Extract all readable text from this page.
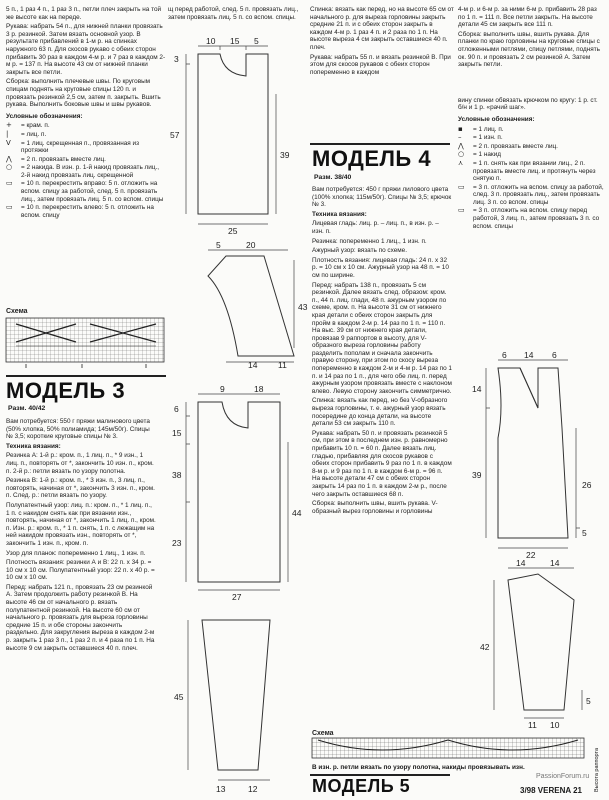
5 п., 1 раз 4 п., 1 раз 3 п., петли плеч закрыть на той же высоте как на переде.

Рукава: набрать 54 п., для нижней планки провязать 3 р. резинкой. Затем вязать основной узор. В результате прибавлений в 1-м р. на спинках наружного 63 п. Для скосов рукаво с обеих сторон прибавить 30 раз в каждом 4-м р. и 7 раз в каждом 2-м р. = 137 п. На высоте 43 см от нижней планки закрыть все петли.

Сборка: выполнить плечевые швы. По круговым спицам поднять на круговые спицы 120 п. и провязать резинкой 2,5 см, затем п. закрыть. Вшить рукава. Выполнить боковые швы и швы рукавов.

Условные обозначения:

+	= крам. п.
|	= лиц. п.
V	= 1 лиц. скрещенная п., провязанная из протяжки
⋀	= 2 п. провязать вместе лиц.
○	= 2 накида. В изн. р. 1-й накид провязать лиц., 2-й накид провязать лиц. скрещенной
▭	= 10 п. перекрестить вправо: 5 п. отложить на вспом. спицу за работой, след. 5 п. провязать лиц., затем провязать лиц. 5 п. со вспом. спицы
▭	= 10 п. перекрестить влево: 5 п. отложить на вспом. спицу
Схема
МОДЕЛЬ 3
Разм. 40/42

Вам потребуется: 550 г пряжи малинового цвета (50% хлопка, 50% полиамида; 145м/50г). Спицы № 3,5; короткие круговые спицы № 3.

Техника вязания:

Резинка А: 1-й р.: кром. п., 1 лиц. п., * 9 изн., 1 лиц. п., повторять от *, закончить 10 изн. п., кром. п. 2-й р.: петли вязать по узору полотна.

Резинка В: 1-й р.: кром. п., * 3 изн. п., 3 лиц. п., повторять, начиная от *, закончить 3 изн. п., кром. п. След. р.: петли вязать по узору.

Полупатентный узор: лиц. п.: кром. п., * 1 лиц. п., 1 п. с накидом снять как при вязании изн., повторять, начиная от *, закончить 1 лиц. п., кром. п. Изн. р.: кром. п., * 1 п. снять, 1 п. с лежащим на ней накидом провязать изн., повторять от *, закончить 1 изн. п., кром. п.

Узор для планок: попеременно 1 лиц., 1 изн. п.

Плотность вязания: резинки А и В: 22 п. х 34 р. = 10 см х 10 см. Полупатентный узор: 22 п. х 40 р. = 10 см х 10 см.

Перед: набрать 121 п., провязать 23 см резинкой А. Затем продолжить работу резинкой В. На высоте 46 см от начального р. вязать полупатентной резинкой. На высоте 60 см от начального р. провязать для выреза горловины средние 15 п. и обе стороны закончить раздельно. Для закругления выреза в каждом 2-м р. закрыть 1 раз 3 п., 1 раз 2 п. и 4 раза по 1 п. На высоте 9 см закрыть оставшиеся 40 п. плеч.

щ перед работой, след. 5 п. провязать лиц., затем провязать лиц. 5 п. со вспом. спицы.

10 15 5
3
57
39
25
5	20
43
14 11
9	18
6
15
38
23
44
27
45
13	12

Спинка: вязать как перед, но на высоте 65 см от начального р. для выреза горловины закрыть средние 21 п. и с обеих сторон закрыть в каждом 4-м р. 1 раз 4 п. и 2 раза по 1 п. На высоте выреза 4 см закрыть оставшиеся 40 п. плеч.

Рукава: набрать 55 п. и вязать резинкой В. При этом для скосов рукавов с обеих сторон попеременно в каждом

МОДЕЛЬ 4
Разм. 38/40

Вам потребуется: 450 г пряжи лилового цвета (100% хлопка; 115м/50г). Спицы № 3,5; крючок № 3.

Техника вязания:

Лицевая гладь: лиц. р. – лиц. п., в изн. р. – изн. п.

Резинка: попеременно 1 лиц., 1 изн. п.

Ажурный узор: вязать по схеме.

Плотность вязания: лицевая гладь: 24 п. х 32 р. = 10 см х 10 см. Ажурный узор на 48 п. = 10 см по ширине.

Перед: набрать 138 п., провязать 5 см резинкой. Далее вязать след. образом: кром. п., 44 п. лиц. глади, 48 п. ажурным узором по схеме, кром. п. На высоте 31 см от нижнего края детали с обеих сторон закрыть для пройм в каждом 2-м р. 14 раз по 1 п. = 110 п. На выс. 39 см от нижнего края детали, провязав 9 раппортов в высоту, для V-образного выреза горловины работу разделить пополам и сначала закончить правую сторону, при этом по скосу выреза попеременно в каждом 2-м и 4-м р. 14 раз по 1 п. и 14 раз по 1 п., для чего обе лиц. п. перед ажурным узором провязать вместе с наклоном влево. Левую сторону закончить симметрично.

Спинка: вязать как перед, но без V-образного выреза горловины, т. е. ажурный узор вязать посередине до конца детали, на высоте детали 53 см закрыть 110 п.

Рукава: набрать 50 п. и провязать резинкой 5 см, при этом в последнем изн. р. равномерно прибавить 10 п. = 60 п. Далее вязать лиц. гладью, прибавляя для скосов рукавов с обеих сторон прибавить 9 раз по 1 п. в каждом 8-м р. и 9 раз по 1 п. в каждом 6-м р. = 96 п. На высоте детали 47 см с обеих сторон закрыть 14 раз по 1 п. в каждом 2-м р., после чего закрыть оставшиеся 68 п.

Сборка: выполнить швы, вшить рукава. V-образный вырез горловины и горловины

4-м р. и 6-м р. за ними 6-м р. прибавить 28 раз по 1 п. = 111 п. Все петли закрыть. На высоте детали 45 см закрыть все 111 п.

Сборка: выполнить швы, вшить рукава. Для планки по краю горловины на круговые спицы с отложенными петлями, спицу петлями, поднять ок. 90 п. и провязать 2 см резинкой А. Затем закрыть петли.

вину спинки обвязать крючком по кругу: 1 р. ст. б/н и 1 р. «рачий шаг».

Условные обозначения:

▪	= 1 лиц. п.
–	= 1 изн. п.
⋀	= 2 п. провязать вместе лиц.
○	= 1 накид
⋏	= 1 п. снять как при вязании лиц., 2 п. провязать вместе лиц. и протянуть через снятую п.
▭	= 3 п. отложить на вспом. спицу за работой, след. 3 п. провязать лиц., затем провязать лиц. 3 п. со вспом. спицы
▭	= 3 п. отложить на вспом. спицу перед работой, 3 лиц. п., затем провязать 3 п. со вспом. спицы
6 14 6
14
39
26
5
22
14	14
42
5
11 10
Схема
Высота раппорта
В изн. р. петли вязать по узору полотна, накиды провязывать изн.
МОДЕЛЬ 5	3/98 VERENA 21
PassionForum.ru
